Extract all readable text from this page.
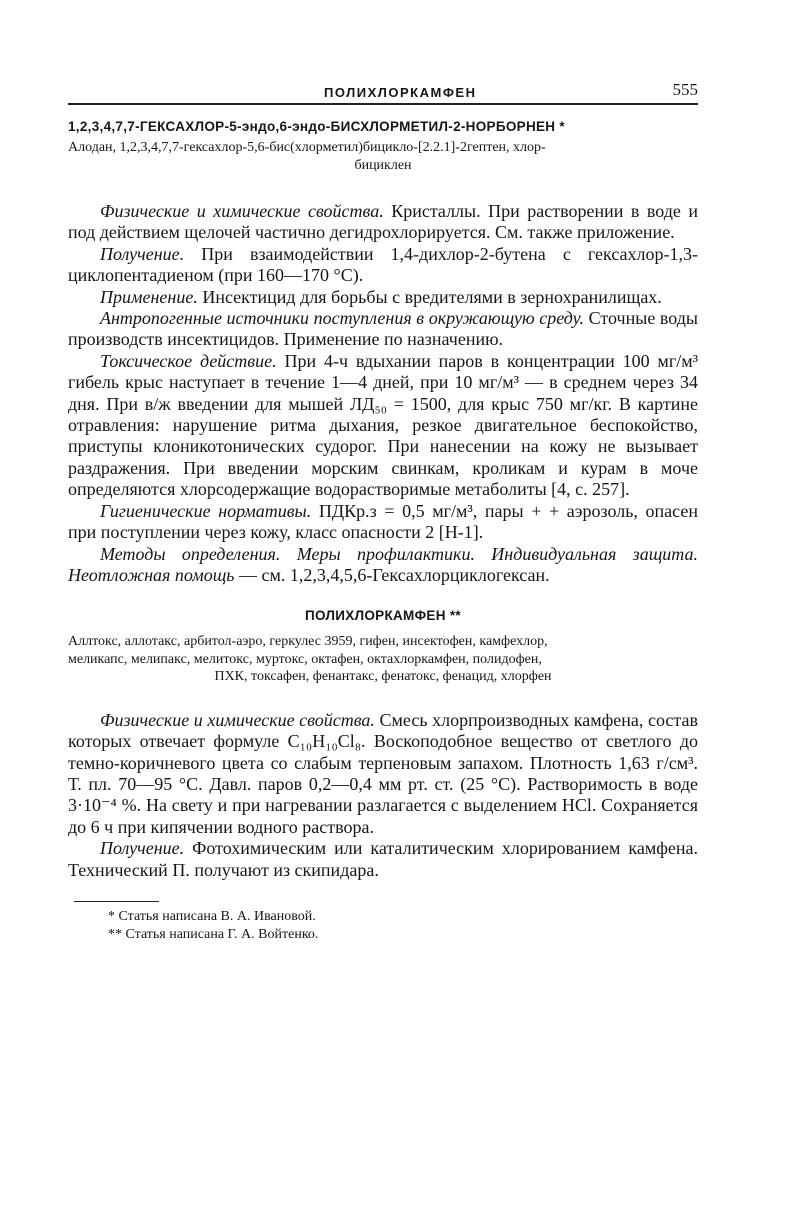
ПОЛИХЛОРКАМФЕН	555
1,2,3,4,7,7-ГЕКСАХЛОР-5-эндо,6-эндо-БИСХЛОРМЕТИЛ-2-НОРБОРНЕН *
Алодан, 1,2,3,4,7,7-гексахлор-5,6-бис(хлорметил)бицикло-[2.2.1]-2гептен, хлор-
бициклен

Физические и химические свойства. Кристаллы. При растворении в воде и под действием щелочей частично дегидрохлорируется. См. также приложение.

Получение. При взаимодействии 1,4-дихлор-2-бутена с гексахлор-1,3-циклопентадиеном (при 160—170 °С).

Применение. Инсектицид для борьбы с вредителями в зернохранилищах.

Антропогенные источники поступления в окружающую среду. Сточные воды производств инсектицидов. Применение по назначению.

Токсическое действие. При 4-ч вдыхании паров в концентрации 100 мг/м³ гибель крыс наступает в течение 1—4 дней, при 10 мг/м³ — в среднем через 34 дня. При в/ж введении для мышей ЛД₅₀ = 1500, для крыс 750 мг/кг. В картине отравления: нарушение ритма дыхания, резкое двигательное беспокойство, приступы клоникотонических судорог. При нанесении на кожу не вызывает раздражения. При введении морским свинкам, кроликам и курам в моче определяются хлорсодержащие водорастворимые метаболиты [4, с. 257].

Гигиенические нормативы. ПДКр.з = 0,5 мг/м³, пары + + аэрозоль, опасен при поступлении через кожу, класс опасности 2 [Н-1].

Методы определения. Меры профилактики. Индивидуальная защита. Неотложная помощь — см. 1,2,3,4,5,6-Гексахлорциклогексан.

ПОЛИХЛОРКАМФЕН **
Аллтокс, аллотакс, арбитол-аэро, геркулес 3959, гифен, инсектофен, камфехлор,
меликапс, мелипакс, мелитокс, муртокс, октафен, октахлоркамфен, полидофен,
ПХК, токсафен, фенантакс, фенатокс, фенацид, хлорфен

Физические и химические свойства. Смесь хлорпроизводных камфена, состав которых отвечает формуле C₁₀H₁₀Cl₈. Воскоподобное вещество от светлого до темно-коричневого цвета со слабым терпеновым запахом. Плотность 1,63 г/см³. Т. пл. 70—95 °С. Давл. паров 0,2—0,4 мм рт. ст. (25 °С). Растворимость в воде 3·10⁻⁴ %. На свету и при нагревании разлагается с выделением HCl. Сохраняется до 6 ч при кипячении водного раствора.

Получение. Фотохимическим или каталитическим хлорированием камфена. Технический П. получают из скипидара.

* Статья написана В. А. Ивановой.
** Статья написана Г. А. Войтенко.
